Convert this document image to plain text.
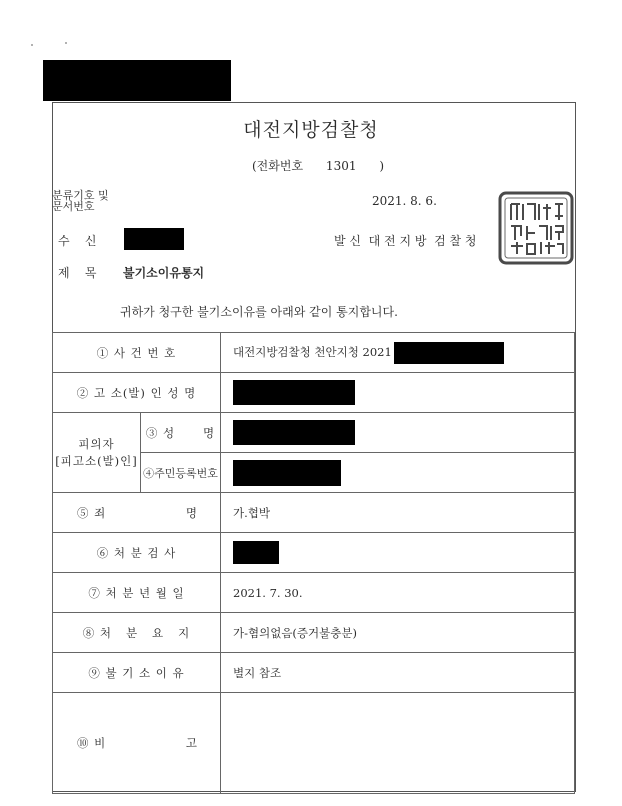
대전지방검찰청
(전화번호      1301      )
분류기호 및
문서번호	2021. 8. 6.
수    신	발 신  대 전 지 방  검 찰 청
제    목 불기소이유통지
귀하가 청구한 불기소이유를 아래와 같이 통지합니다.
① 사 건 번 호		대전지방검찰청 천안지청 2021
② 고 소(발) 인 성 명		

피의자
[피고소(발)인]	③ 성      명	
	④주민등록번호	

⑤ 죄 명		가.협박
⑥ 처 분 검 사		
⑦ 처 분 년 월 일		2021. 7. 30.
⑧ 처   분   요   지		가-혐의없음(증거불충분)
⑨ 불 기 소 이 유		별지 참조

⑩ 비 고		
